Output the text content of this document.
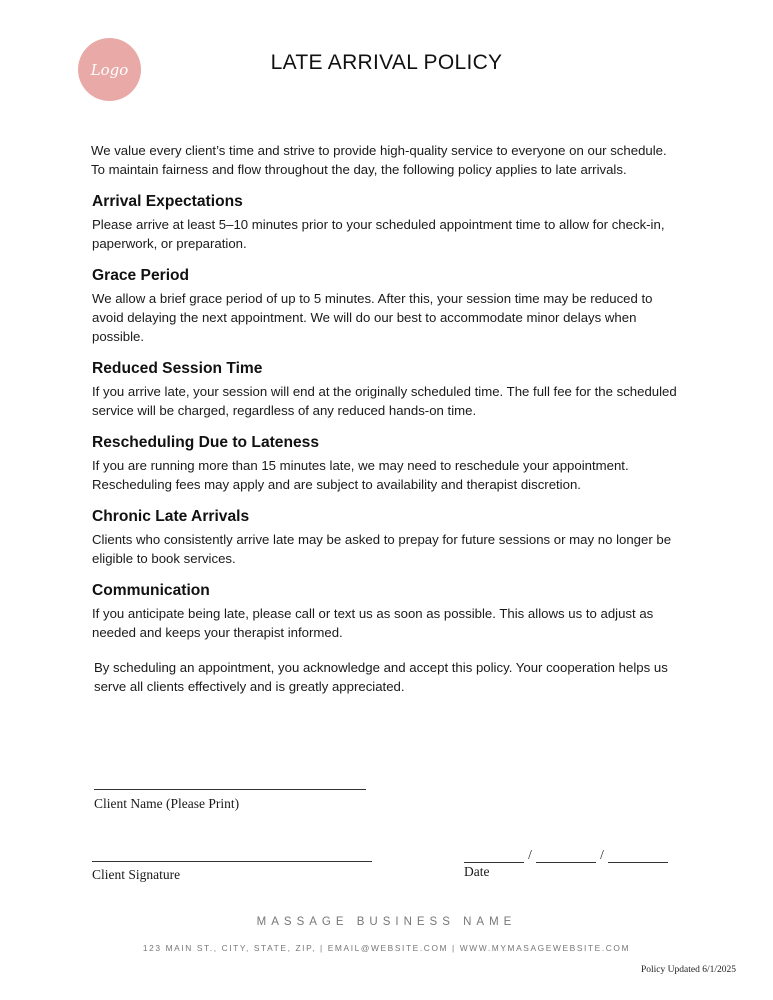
Logo	LATE ARRIVAL POLICY

We value every client’s time and strive to provide high-quality service to everyone on our schedule. To maintain fairness and flow throughout the day, the following policy applies to late arrivals.

Arrival Expectations

Please arrive at least 5–10 minutes prior to your scheduled appointment time to allow for check-in, paperwork, or preparation.

Grace Period

We allow a brief grace period of up to 5 minutes. After this, your session time may be reduced to avoid delaying the next appointment. We will do our best to accommodate minor delays when possible.

Reduced Session Time

If you arrive late, your session will end at the originally scheduled time. The full fee for the scheduled service will be charged, regardless of any reduced hands-on time.

Rescheduling Due to Lateness

If you are running more than 15 minutes late, we may need to reschedule your appointment. Rescheduling fees may apply and are subject to availability and therapist discretion.

Chronic Late Arrivals

Clients who consistently arrive late may be asked to prepay for future sessions or may no longer be eligible to book services.

Communication

If you anticipate being late, please call or text us as soon as possible. This allows us to adjust as needed and keeps your therapist informed.

By scheduling an appointment, you acknowledge and accept this policy. Your cooperation helps us serve all clients effectively and is greatly appreciated.

Client Name (Please Print)
Client Signature
/	/
Date
MASSAGE BUSINESS NAME
123 MAIN ST., CITY, STATE, ZIP, | EMAIL@WEBSITE.COM | WWW.MYMASAGEWEBSITE.COM
Policy Updated 6/1/2025
